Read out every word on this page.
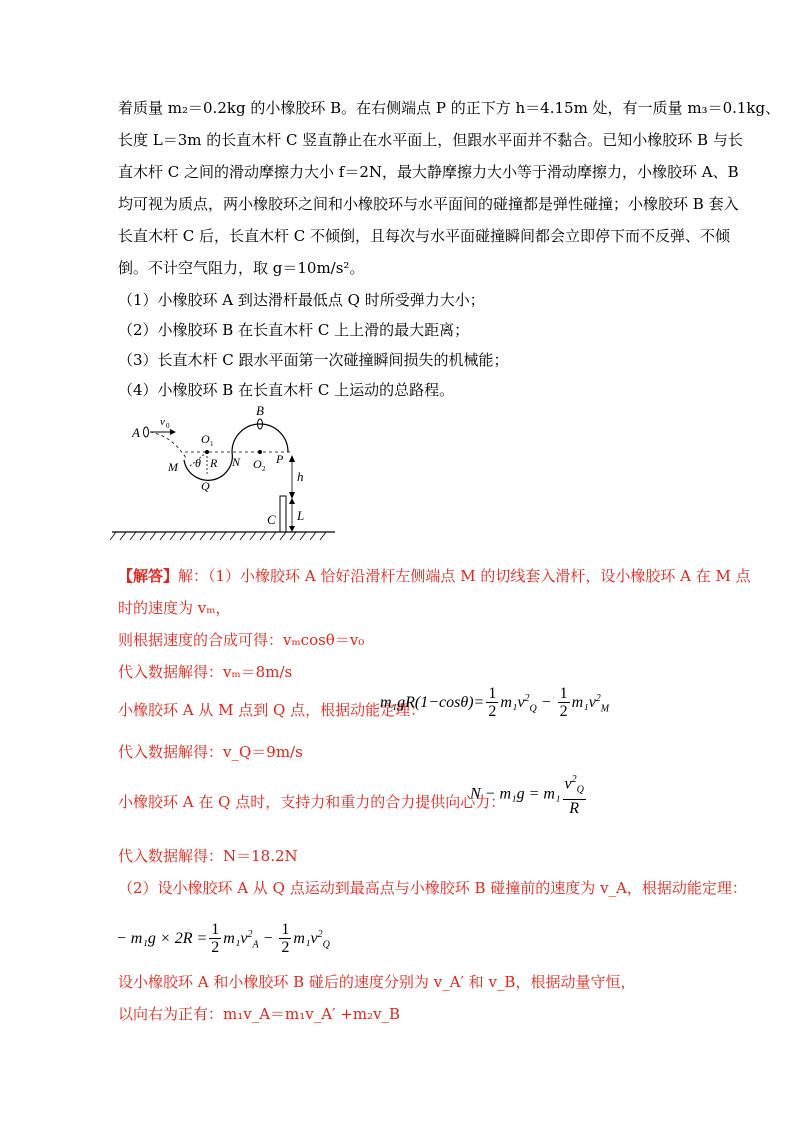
着质量 m₂＝0.2kg 的小橡胶环 B。在右侧端点 P 的正下方 h＝4.15m 处，有一质量 m₃＝0.1kg、
长度 L＝3m 的长直木杆 C 竖直静止在水平面上，但跟水平面并不黏合。已知小橡胶环 B 与长
直木杆 C 之间的滑动摩擦力大小 f＝2N，最大静摩擦力大小等于滑动摩擦力，小橡胶环 A、B
均可视为质点，两小橡胶环之间和小橡胶环与水平面间的碰撞都是弹性碰撞；小橡胶环 B 套入
长直木杆 C 后，长直木杆 C 不倾倒，且每次与水平面碰撞瞬间都会立即停下而不反弹、不倾
倒。不计空气阻力，取 g＝10m/s²。
（1）小橡胶环 A 到达滑杆最低点 Q 时所受弹力大小；
（2）小橡胶环 B 在长直木杆 C 上上滑的最大距离；
（3）长直木杆 C 跟水平面第一次碰撞瞬间损失的机械能；
（4）小橡胶环 B 在长直木杆 C 上运动的总路程。
A
v 0
B
O 1
M θ R N O 2
P
Q
h
C L
【解答】解：（1）小橡胶环 A 恰好沿滑杆左侧端点 M 的切线套入滑杆，设小橡胶环 A 在 M 点
时的速度为 vₘ，
则根据速度的合成可得：vₘcosθ＝v₀
代入数据解得：vₘ＝8m/s
小橡胶环 A 从 M 点到 Q 点，根据动能定理：
$m_1gR(1-\cos\theta)= \frac{1}{2} m_1v^2_Q - \frac{1}{2} m_1v^2_M$
代入数据解得：v_Q＝9m/s
小橡胶环 A 在 Q 点时，支持力和重力的合力提供向心力：
$N - m_1g = m_1 \frac{v^2_Q}{R}$
代入数据解得：N＝18.2N
（2）设小橡胶环 A 从 Q 点运动到最高点与小橡胶环 B 碰撞前的速度为 v_A，根据动能定理：
− $m_1g \times 2R = \frac{1}{2} m_1v^2_A - \frac{1}{2} m_1v^2_Q$
设小橡胶环 A 和小橡胶环 B 碰后的速度分别为 v_A′ 和 v_B，根据动量守恒，
以向右为正有：m₁v_A＝m₁v_A′ +m₂v_B
